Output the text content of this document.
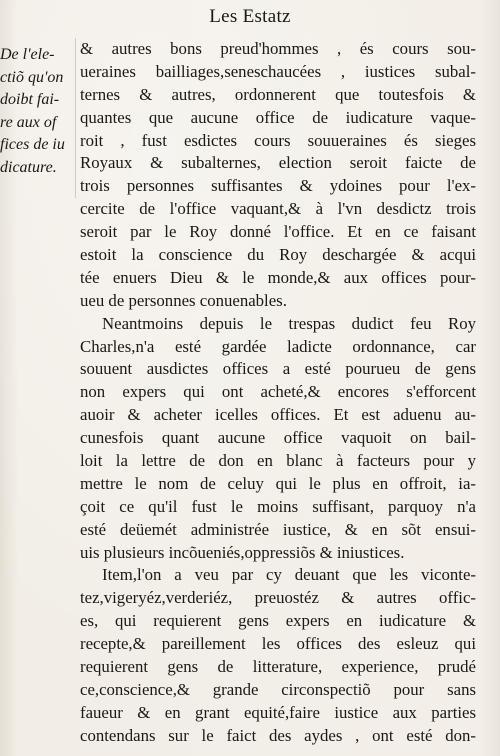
Les Estatz
De l'ele-
ctiõ qu'on
doibt fai-
re aux of
fices de iu
dicature.
& autres bons preud'hommes , és cours sou-
ueraines bailliages,seneschaucées , iustices subal-
ternes & autres, ordonnerent que toutesfois &
quantes que aucune office de iudicature vaque-
roit , fust esdictes cours souueraines és sieges
Royaux & subalternes, election seroit faicte de
trois personnes suffisantes & ydoines pour l'ex-
cercite de l'office vaquant,& à l'vn desdictz trois
seroit par le Roy donné l'office. Et en ce faisant
estoit la conscience du Roy deschargée & acqui
tée enuers Dieu & le monde,& aux offices pour-
ueu de personnes conuenables.
Neantmoins depuis le trespas dudict feu Roy
Charles,n'a esté gardée ladicte ordonnance, car
souuent ausdictes offices a esté pourueu de gens
non expers qui ont acheté,& encores s'efforcent
auoir & acheter icelles offices. Et est aduenu au-
cunesfois quant aucune office vaquoit on bail-
loit la lettre de don en blanc à facteurs pour y
mettre le nom de celuy qui le plus en offroit, ia-
çoit ce qu'il fust le moins suffisant, parquoy n'a
esté deüemét administrée iustice, & en sõt ensui-
uis plusieurs incõueniés,oppressiõs & iniustices.
Item,l'on a veu par cy deuant que les viconte-
tez,vigeryéz,verderiéz, preuostéz & autres offic-
es, qui requierent gens expers en iudicature &
recepte,& pareillement les offices des esleuz qui
requierent gens de litterature, experience, prudé
ce,conscience,& grande circonspectiõ pour sans
faueur & en grant equité,faire iustice aux parties
contendans sur le faict des aydes , ont esté don-
